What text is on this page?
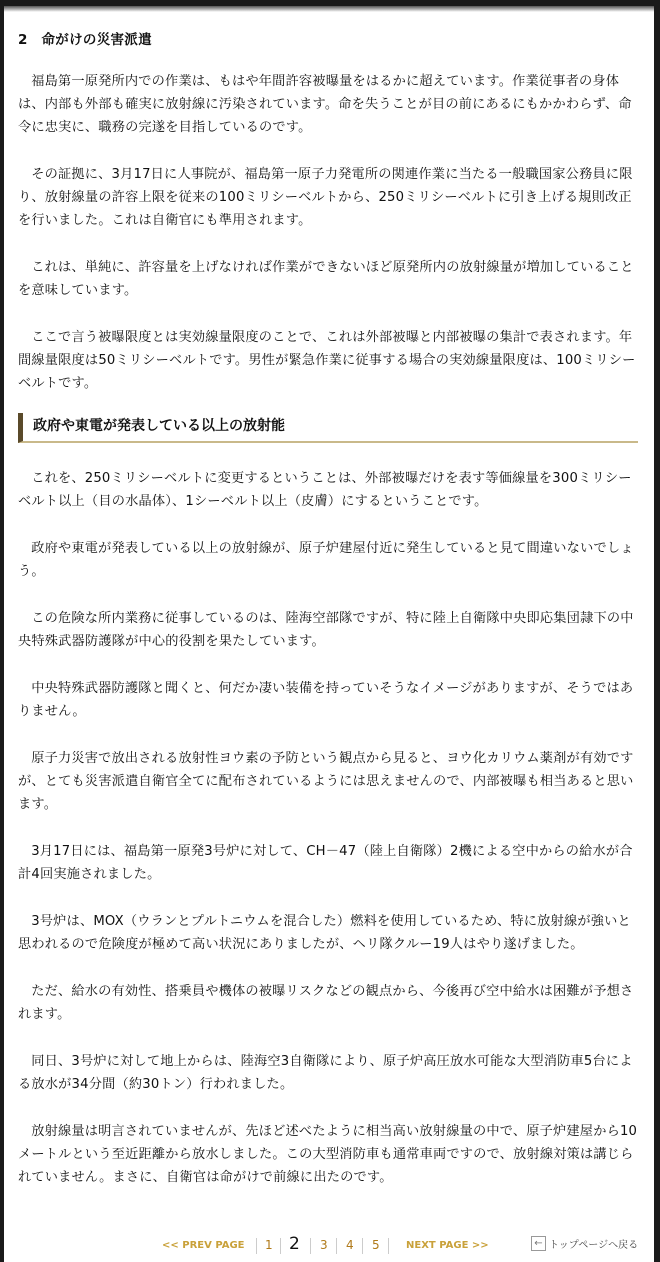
2　命がけの災害派遣

福島第一原発所内での作業は、もはや年間許容被曝量をはるかに超えています。作業従事者の身体は、内部も外部も確実に放射線に汚染されています。命を失うことが目の前にあるにもかかわらず、命令に忠実に、職務の完遂を目指しているのです。

その証拠に、3月17日に人事院が、福島第一原子力発電所の関連作業に当たる一般職国家公務員に限り、放射線量の許容上限を従来の100ミリシーベルトから、250ミリシーベルトに引き上げる規則改正を行いました。これは自衛官にも準用されます。

これは、単純に、許容量を上げなければ作業ができないほど原発所内の放射線量が増加していることを意味しています。

ここで言う被曝限度とは実効線量限度のことで、これは外部被曝と内部被曝の集計で表されます。年間線量限度は50ミリシーベルトです。男性が緊急作業に従事する場合の実効線量限度は、100ミリシーベルトです。

政府や東電が発表している以上の放射能

これを、250ミリシーベルトに変更するということは、外部被曝だけを表す等価線量を300ミリシーベルト以上（目の水晶体）、1シーベルト以上（皮膚）にするということです。

政府や東電が発表している以上の放射線が、原子炉建屋付近に発生していると見て間違いないでしょう。

この危険な所内業務に従事しているのは、陸海空部隊ですが、特に陸上自衛隊中央即応集団隷下の中央特殊武器防護隊が中心的役割を果たしています。

中央特殊武器防護隊と聞くと、何だか凄い装備を持っていそうなイメージがありますが、そうではありません。

原子力災害で放出される放射性ヨウ素の予防という観点から見ると、ヨウ化カリウム薬剤が有効ですが、とても災害派遣自衛官全てに配布されているようには思えませんので、内部被曝も相当あると思います。

3月17日には、福島第一原発3号炉に対して、CH－47（陸上自衛隊）2機による空中からの給水が合計4回実施されました。

3号炉は、MOX（ウランとプルトニウムを混合した）燃料を使用しているため、特に放射線が強いと思われるので危険度が極めて高い状況にありましたが、ヘリ隊クルー19人はやり遂げました。

ただ、給水の有効性、搭乗員や機体の被曝リスクなどの観点から、今後再び空中給水は困難が予想されます。

同日、3号炉に対して地上からは、陸海空3自衛隊により、原子炉高圧放水可能な大型消防車5台による放水が34分間（約30トン）行われました。

放射線量は明言されていませんが、先ほど述べたように相当高い放射線量の中で、原子炉建屋から10メートルという至近距離から放水しました。この大型消防車も通常車両ですので、放射線対策は講じられていません。まさに、自衛官は命がけで前線に出たのです。

<< PREV PAGE 1 2 3 4 5	NEXT PAGE >>	← トップページへ戻る
